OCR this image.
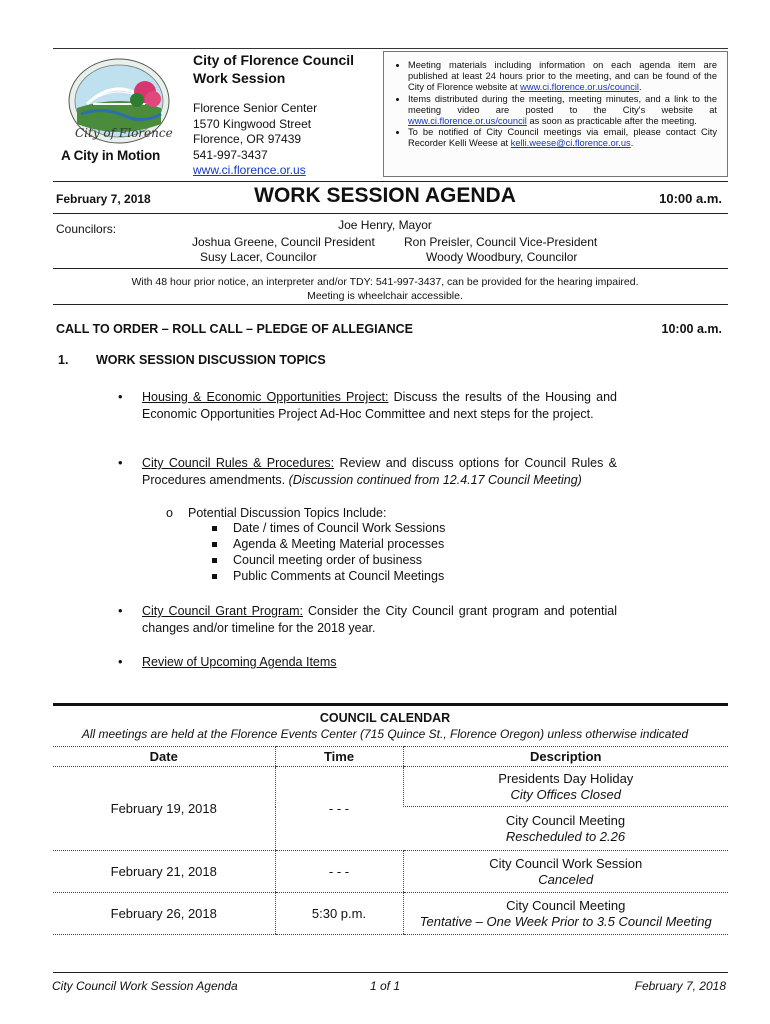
City of Florence
A City in Motion
City of Florence Council
Work Session
Florence Senior Center
1570 Kingwood Street
Florence, OR 97439
541-997-3437
www.ci.florence.or.us
• Meeting materials including information on each agenda item are published at least 24 hours prior to the meeting, and can be found of the City of Florence website at www.ci.florence.or.us/council.
• Items distributed during the meeting, meeting minutes, and a link to the meeting video are posted to the City's website at www.ci.florence.or.us/council as soon as practicable after the meeting.
• To be notified of City Council meetings via email, please contact City Recorder Kelli Weese at kelli.weese@ci.florence.or.us.
February 7, 2018	WORK SESSION AGENDA	10:00 a.m.
Councilors:	Joe Henry, Mayor
Joshua Greene, Council President Ron Preisler, Council Vice-President
Susy Lacer, Councilor	Woody Woodbury, Councilor
With 48 hour prior notice, an interpreter and/or TDY: 541-997-3437, can be provided for the hearing impaired.
Meeting is wheelchair accessible.
CALL TO ORDER – ROLL CALL – PLEDGE OF ALLEGIANCE	10:00 a.m.
1. WORK SESSION DISCUSSION TOPICS
• Housing & Economic Opportunities Project: Discuss the results of the Housing and Economic Opportunities Project Ad-Hoc Committee and next steps for the project.
• City Council Rules & Procedures: Review and discuss options for Council Rules & Procedures amendments. (Discussion continued from 12.4.17 Council Meeting)
o Potential Discussion Topics Include:
Date / times of Council Work Sessions
Agenda & Meeting Material processes
Council meeting order of business
Public Comments at Council Meetings
• City Council Grant Program: Consider the City Council grant program and potential changes and/or timeline for the 2018 year.
• Review of Upcoming Agenda Items
COUNCIL CALENDAR
All meetings are held at the Florence Events Center (715 Quince St., Florence Oregon) unless otherwise indicated
Date	Time	Description
February 19, 2018	- - -	Presidents Day Holiday
City Offices Closed

		City Council Meeting
Rescheduled to 2.26

February 21, 2018	- - -	City Council Work Session
Canceled

February 26, 2018	5:30 p.m.	City Council Meeting
Tentative – One Week Prior to 3.5 Council Meeting
City Council Work Session Agenda	1 of 1	February 7, 2018
